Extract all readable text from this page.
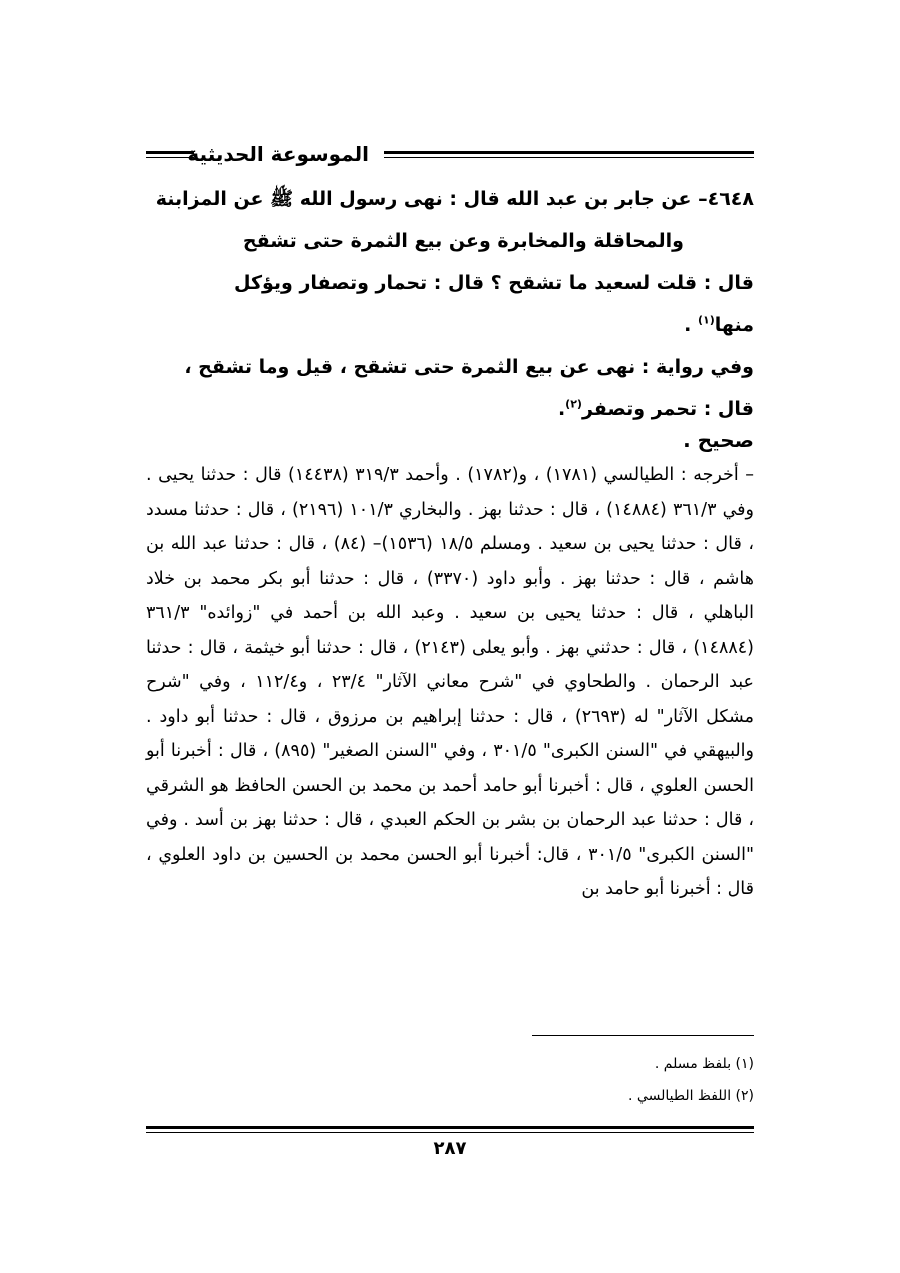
الموسوعة الحديثية

٤٦٤٨– عن جابر بن عبد الله قال : نهى رسول الله ﷺ عن المزابنة

والمحاقلة والمخابرة وعن بيع الثمرة حتى تشقح

قال : قلت لسعيد ما تشقح ؟ قال : تحمار وتصفار ويؤكل

منها$^{(١)}$ .

وفي رواية : نهى عن بيع الثمرة حتى تشقح ، قيل وما تشقح ،

قال : تحمر وتصفر$^{(٢)}$.

صحيح .
– أخرجه : الطيالسي (١٧٨١) ، و(١٧٨٢) . وأحمد ٣١٩/٣ (١٤٤٣٨) قال : حدثنا يحيى . وفي ٣٦١/٣ (١٤٨٨٤) ، قال : حدثنا بهز . والبخاري ١٠١/٣ (٢١٩٦) ، قال : حدثنا مسدد ، قال : حدثنا يحيى بن سعيد . ومسلم ١٨/٥ (١٥٣٦)– (٨٤) ، قال : حدثنا عبد الله بن هاشم ، قال : حدثنا بهز . وأبو داود (٣٣٧٠) ، قال : حدثنا أبو بكر محمد بن خلاد الباهلي ، قال : حدثنا يحيى بن سعيد . وعبد الله بن أحمد في "زوائده" ٣٦١/٣ (١٤٨٨٤) ، قال : حدثني بهز . وأبو يعلى (٢١٤٣) ، قال : حدثنا أبو خيثمة ، قال : حدثنا عبد الرحمان . والطحاوي في "شرح معاني الآثار" ٢٣/٤ ، و١١٢/٤ ، وفي "شرح مشكل الآثار" له (٢٦٩٣) ، قال : حدثنا إبراهيم بن مرزوق ، قال : حدثنا أبو داود . والبيهقي في "السنن الكبرى" ٣٠١/٥ ، وفي "السنن الصغير" (٨٩٥) ، قال : أخبرنا أبو الحسن العلوي ، قال : أخبرنا أبو حامد أحمد بن محمد بن الحسن الحافظ هو الشرقي ، قال : حدثنا عبد الرحمان بن بشر بن الحكم العبدي ، قال : حدثنا بهز بن أسد . وفي "السنن الكبرى" ٣٠١/٥ ، قال: أخبرنا أبو الحسن محمد بن الحسين بن داود العلوي ، قال : أخبرنا أبو حامد بن
(١) بلفظ مسلم .
(٢) اللفظ الطيالسي .
٢٨٧
